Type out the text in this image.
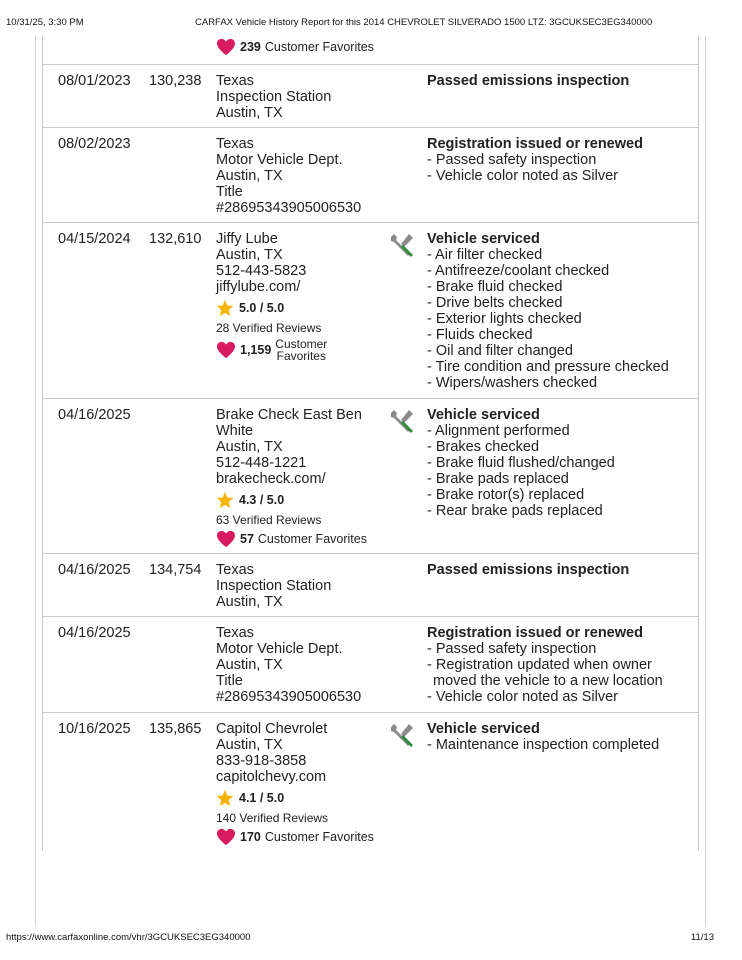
10/31/25, 3:30 PM	CARFAX Vehicle History Report for this 2014 CHEVROLET SILVERADO 1500 LTZ: 3GCUKSEC3EG340000
https://www.carfaxonline.com/vhr/3GCUKSEC3EG340000	11/13
239 Customer Favorites
08/01/2023 130,238 Texas
Inspection Station
Austin, TX
Passed emissions inspection
08/02/2023	Texas
Motor Vehicle Dept.
Austin, TX
Title
#28695343905006530
Registration issued or renewed
- Passed safety inspection
- Vehicle color noted as Silver
04/15/2024 132,610 Jiffy Lube
Austin, TX
512-443-5823
jiffylube.com/
5.0 / 5.0
28 Verified Reviews
1,159 Customer
Favorites
Vehicle serviced
- Air filter checked
- Antifreeze/coolant checked
- Brake fluid checked
- Drive belts checked
- Exterior lights checked
- Fluids checked
- Oil and filter changed
- Tire condition and pressure checked
- Wipers/washers checked
04/16/2025	Brake Check East Ben White
Austin, TX
512-448-1221
brakecheck.com/
4.3 / 5.0
63 Verified Reviews
57 Customer Favorites
Vehicle serviced
- Alignment performed
- Brakes checked
- Brake fluid flushed/changed
- Brake pads replaced
- Brake rotor(s) replaced
- Rear brake pads replaced
04/16/2025 134,754 Texas
Inspection Station
Austin, TX
Passed emissions inspection
04/16/2025	Texas
Motor Vehicle Dept.
Austin, TX
Title
#28695343905006530
Registration issued or renewed
- Passed safety inspection
- Registration updated when owner moved the vehicle to a new location
- Vehicle color noted as Silver
10/16/2025 135,865 Capitol Chevrolet
Austin, TX
833-918-3858
capitolchevy.com
4.1 / 5.0
140 Verified Reviews
170 Customer Favorites
Vehicle serviced
- Maintenance inspection completed
